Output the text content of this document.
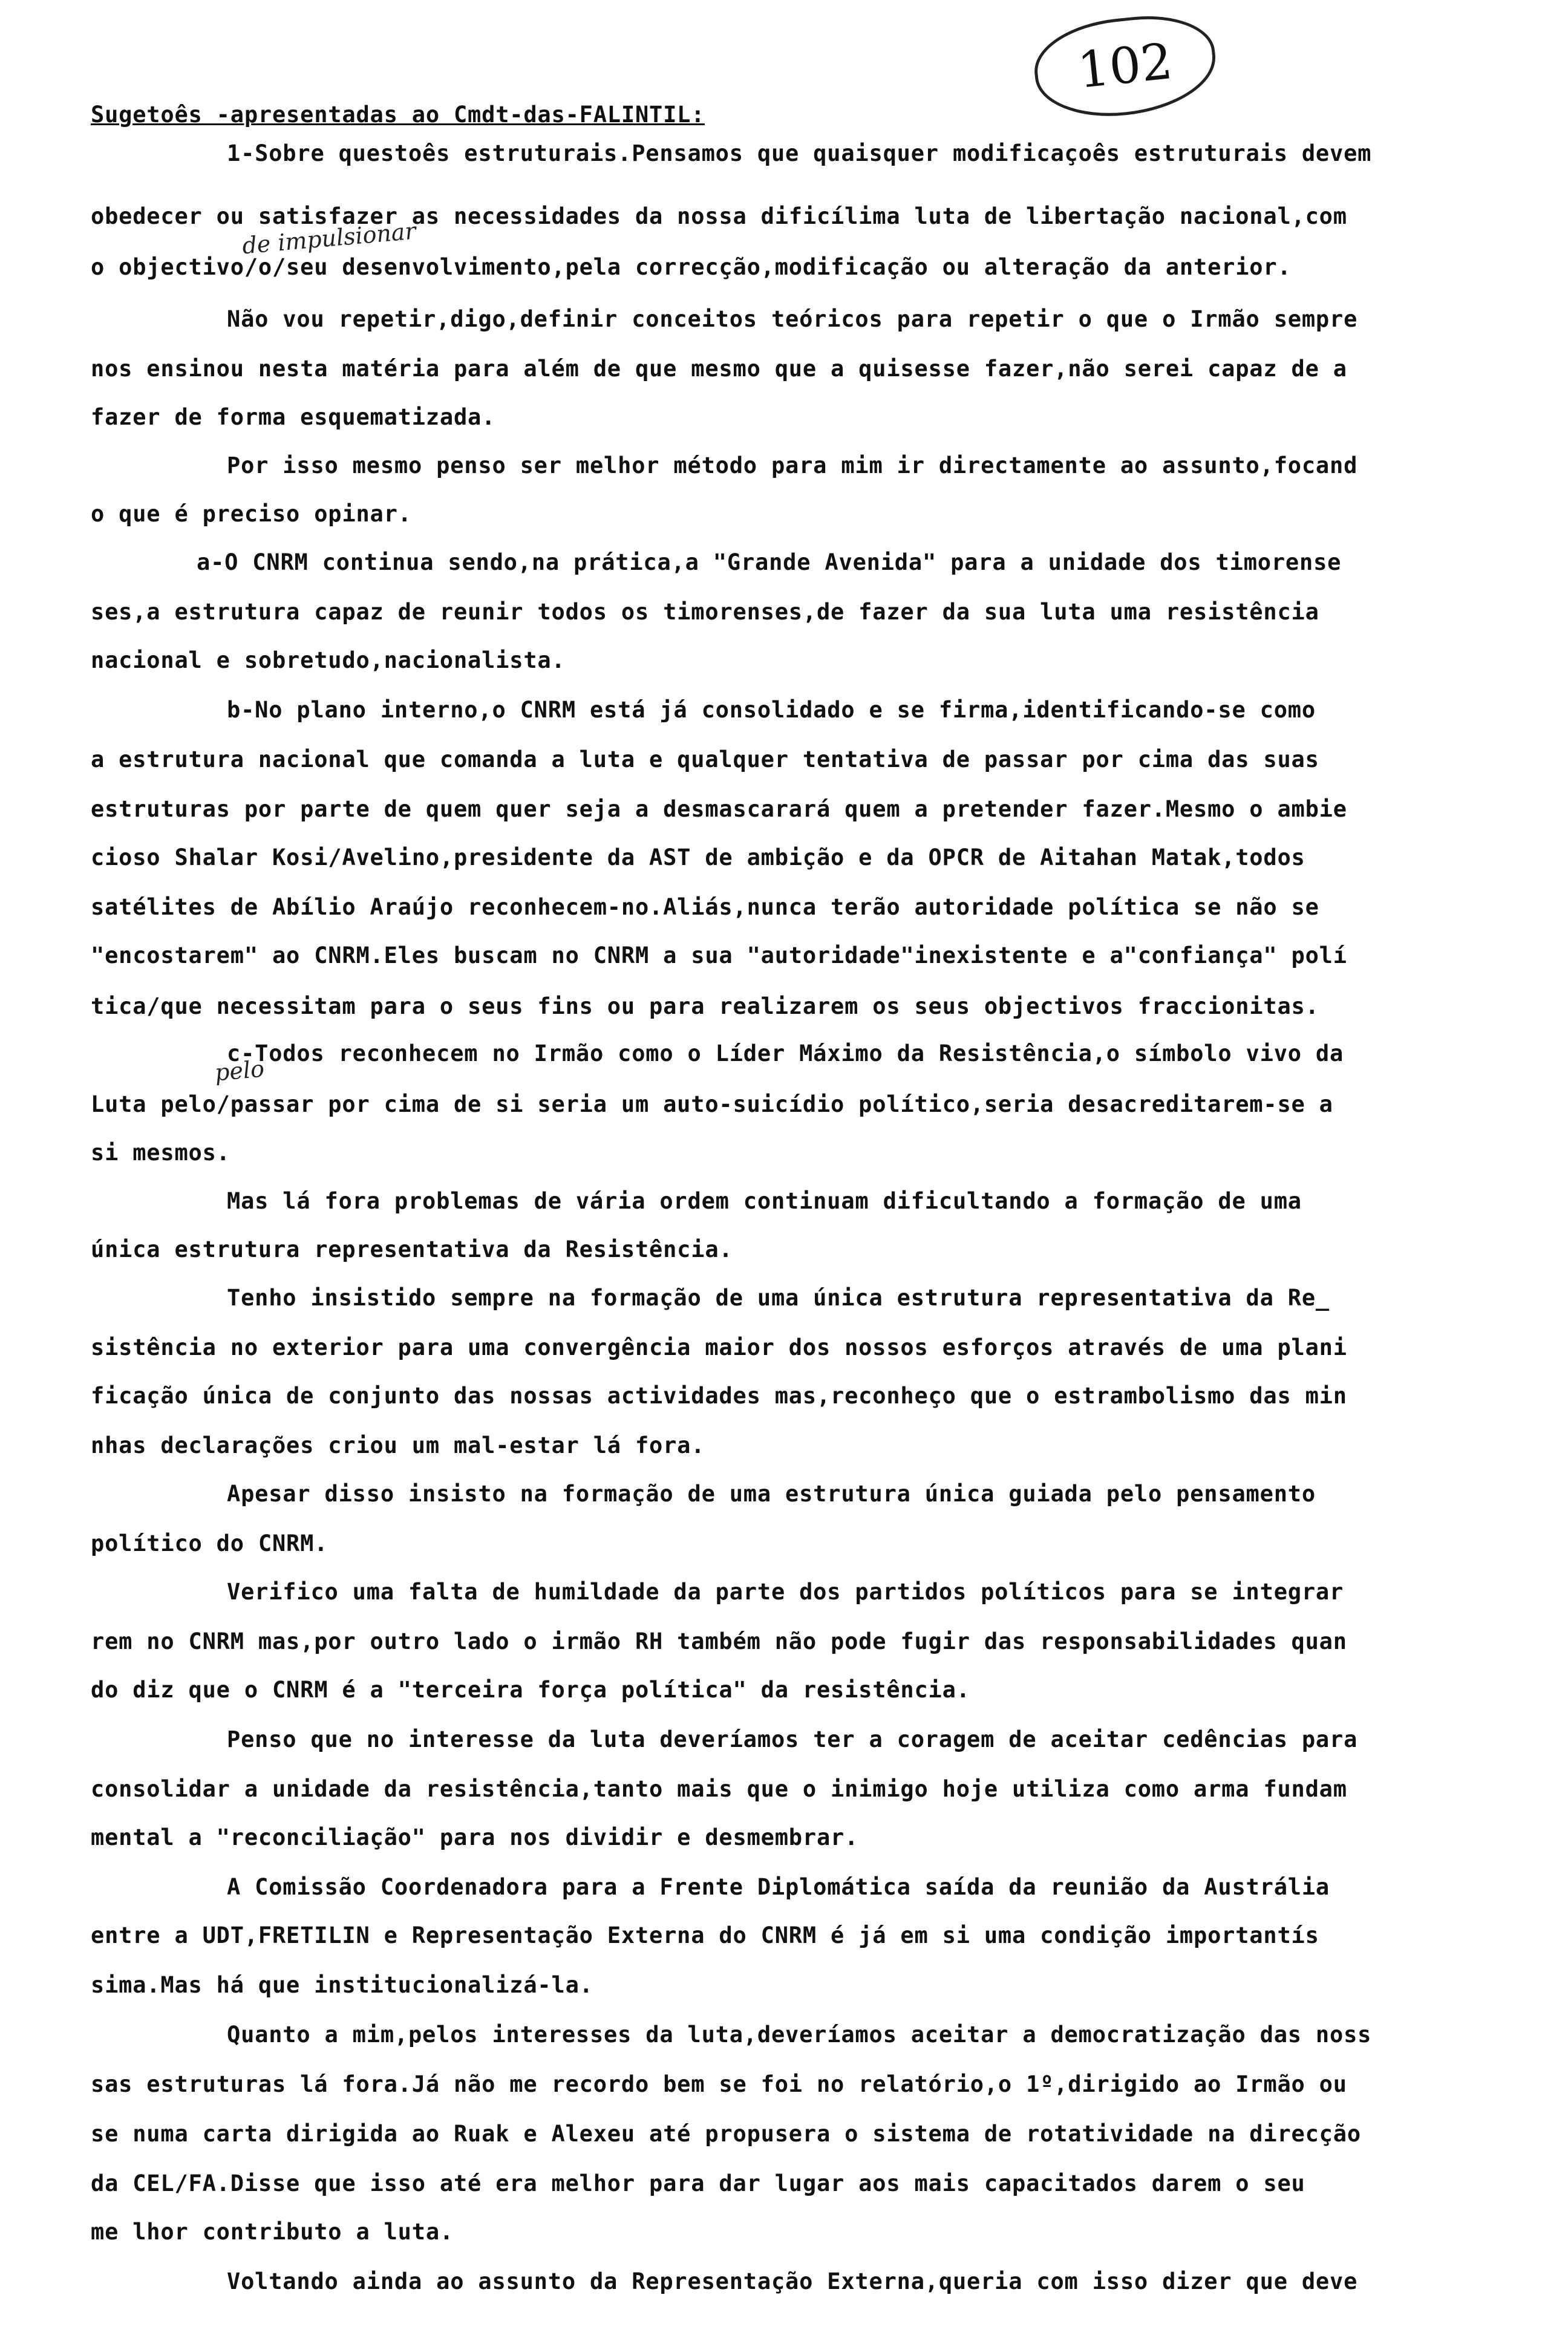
102
de impulsionar
pelo
Sugetoês -apresentadas ao Cmdt-das-FALINTIL:
1-Sobre questoês estruturais.Pensamos que quaisquer modificaçoês estruturais devem
obedecer ou satisfazer as necessidades da nossa dificílima luta de libertação nacional,com
o objectivo/o/seu desenvolvimento,pela correcção,modificação ou alteração da anterior.
Não vou repetir,digo,definir conceitos teóricos para repetir o que o Irmão sempre
nos ensinou nesta matéria para além de que mesmo que a quisesse fazer,não serei capaz de a
fazer de forma esquematizada.
Por isso mesmo penso ser melhor método para mim ir directamente ao assunto,focand
o que é preciso opinar.
a-O CNRM continua sendo,na prática,a "Grande Avenida" para a unidade dos timorense
ses,a estrutura capaz de reunir todos os timorenses,de fazer da sua luta uma resistência
nacional e sobretudo,nacionalista.
b-No plano interno,o CNRM está já consolidado e se firma,identificando-se como
a estrutura nacional que comanda a luta e qualquer tentativa de passar por cima das suas
estruturas por parte de quem quer seja a desmascarará quem a pretender fazer.Mesmo o ambie
cioso Shalar Kosi/Avelino,presidente da AST de ambição e da OPCR de Aitahan Matak,todos
satélites de Abílio Araújo reconhecem-no.Aliás,nunca terão autoridade política se não se
"encostarem" ao CNRM.Eles buscam no CNRM a sua "autoridade"inexistente e a"confiança" polí
tica/que necessitam para o seus fins ou para realizarem os seus objectivos fraccionitas.
c-Todos reconhecem no Irmão como o Líder Máximo da Resistência,o símbolo vivo da
Luta pelo/passar por cima de si seria um auto-suicídio político,seria desacreditarem-se a
si mesmos.
Mas lá fora problemas de vária ordem continuam dificultando a formação de uma
única estrutura representativa da Resistência.
Tenho insistido sempre na formação de uma única estrutura representativa da Re_
sistência no exterior para uma convergência maior dos nossos esforços através de uma plani
ficação única de conjunto das nossas actividades mas,reconheço que o estrambolismo das min
nhas declarações criou um mal-estar lá fora.
Apesar disso insisto na formação de uma estrutura única guiada pelo pensamento
político do CNRM.
Verifico uma falta de humildade da parte dos partidos políticos para se integrar
rem no CNRM mas,por outro lado o irmão RH também não pode fugir das responsabilidades quan
do diz que o CNRM é a "terceira força política" da resistência.
Penso que no interesse da luta deveríamos ter a coragem de aceitar cedências para
consolidar a unidade da resistência,tanto mais que o inimigo hoje utiliza como arma fundam
mental a "reconciliação" para nos dividir e desmembrar.
A Comissão Coordenadora para a Frente Diplomática saída da reunião da Austrália
entre a UDT,FRETILIN e Representação Externa do CNRM é já em si uma condição importantís
sima.Mas há que institucionalizá-la.
Quanto a mim,pelos interesses da luta,deveríamos aceitar a democratização das noss
sas estruturas lá fora.Já não me recordo bem se foi no relatório,o 1º,dirigido ao Irmão ou
se numa carta dirigida ao Ruak e Alexeu até propusera o sistema de rotatividade na direcção
da CEL/FA.Disse que isso até era melhor para dar lugar aos mais capacitados darem o seu
me lhor contributo a luta.
Voltando ainda ao assunto da Representação Externa,queria com isso dizer que deve
